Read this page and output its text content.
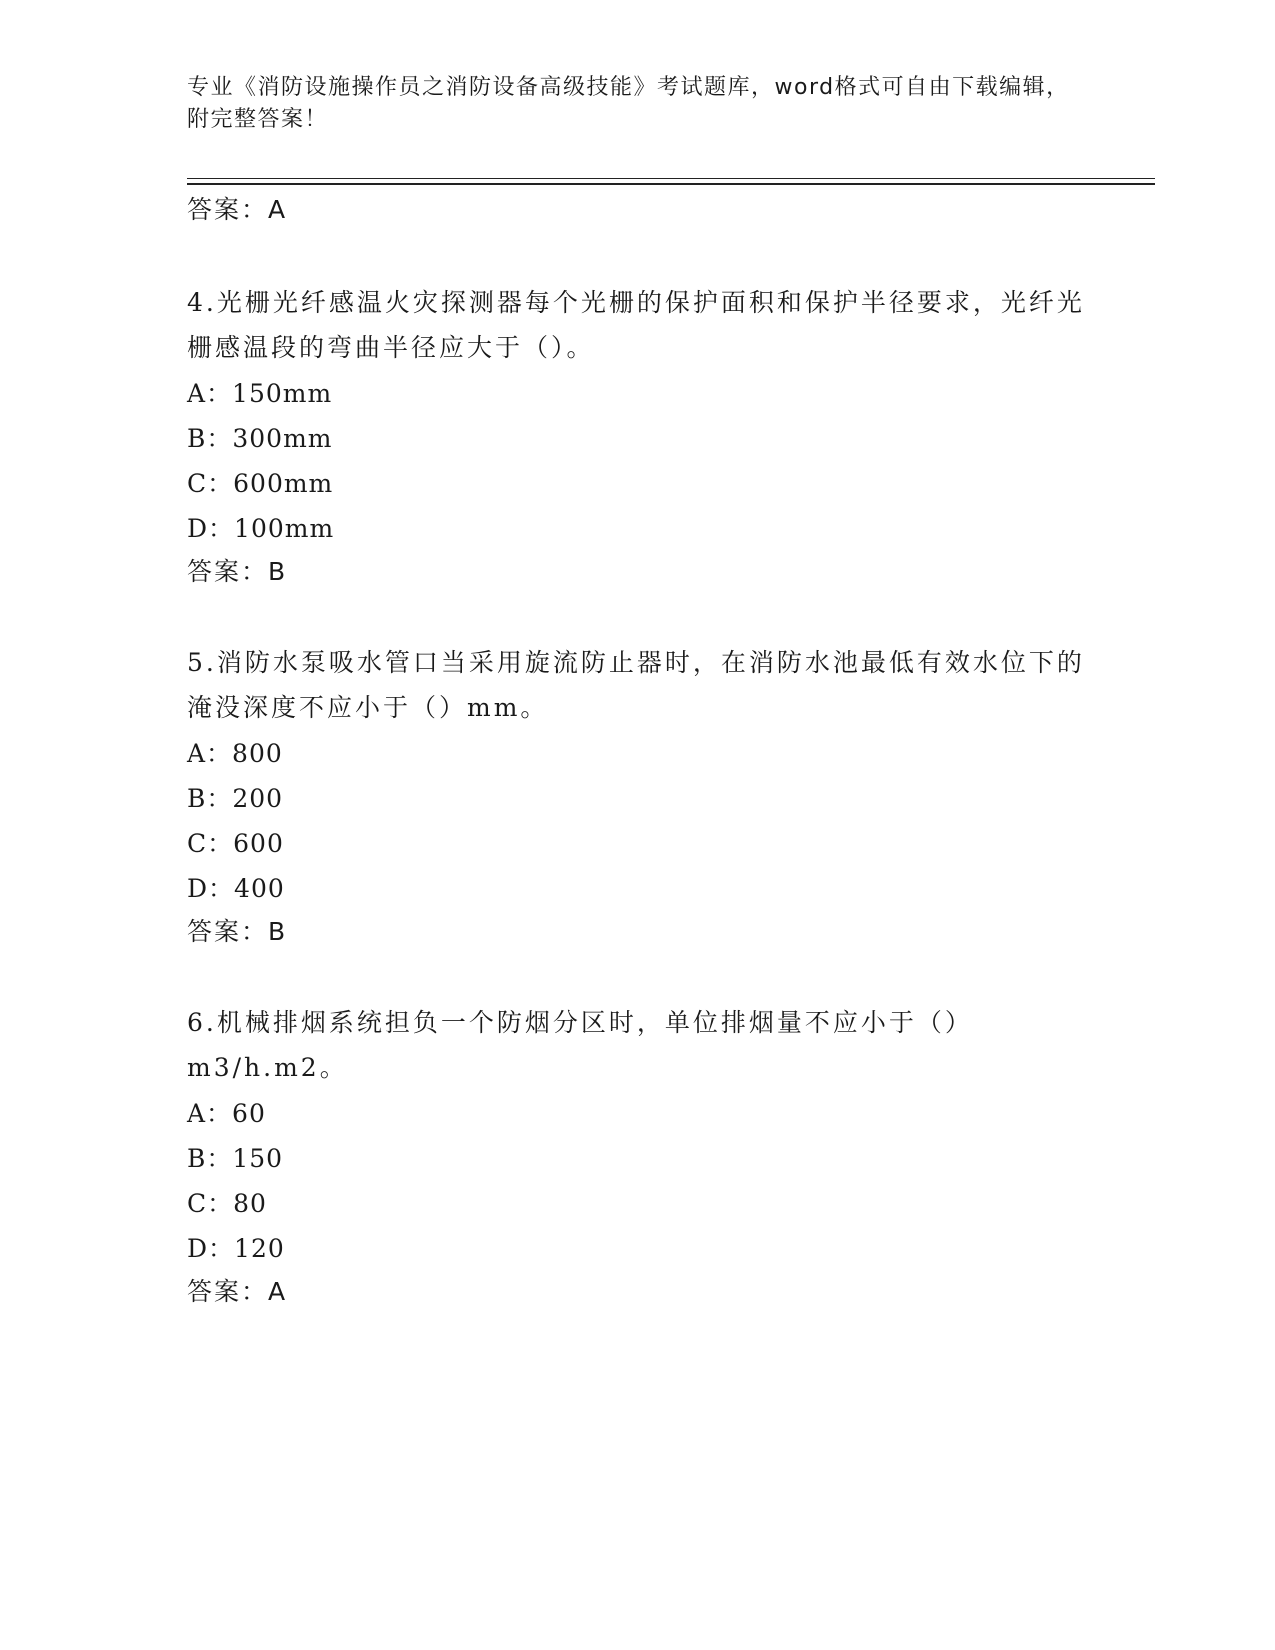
专业《消防设施操作员之消防设备高级技能》考试题库，word格式可自由下载编辑，附完整答案！
答案：A
4.光栅光纤感温火灾探测器每个光栅的保护面积和保护半径要求，光纤光栅感温段的弯曲半径应大于（）。
A：150mm
B：300mm
C：600mm
D：100mm
答案：B
5.消防水泵吸水管口当采用旋流防止器时，在消防水池最低有效水位下的淹没深度不应小于（）mm。
A：800
B：200
C：600
D：400
答案：B
6.机械排烟系统担负一个防烟分区时，单位排烟量不应小于（）m3/h.m2。
A：60
B：150
C：80
D：120
答案：A
